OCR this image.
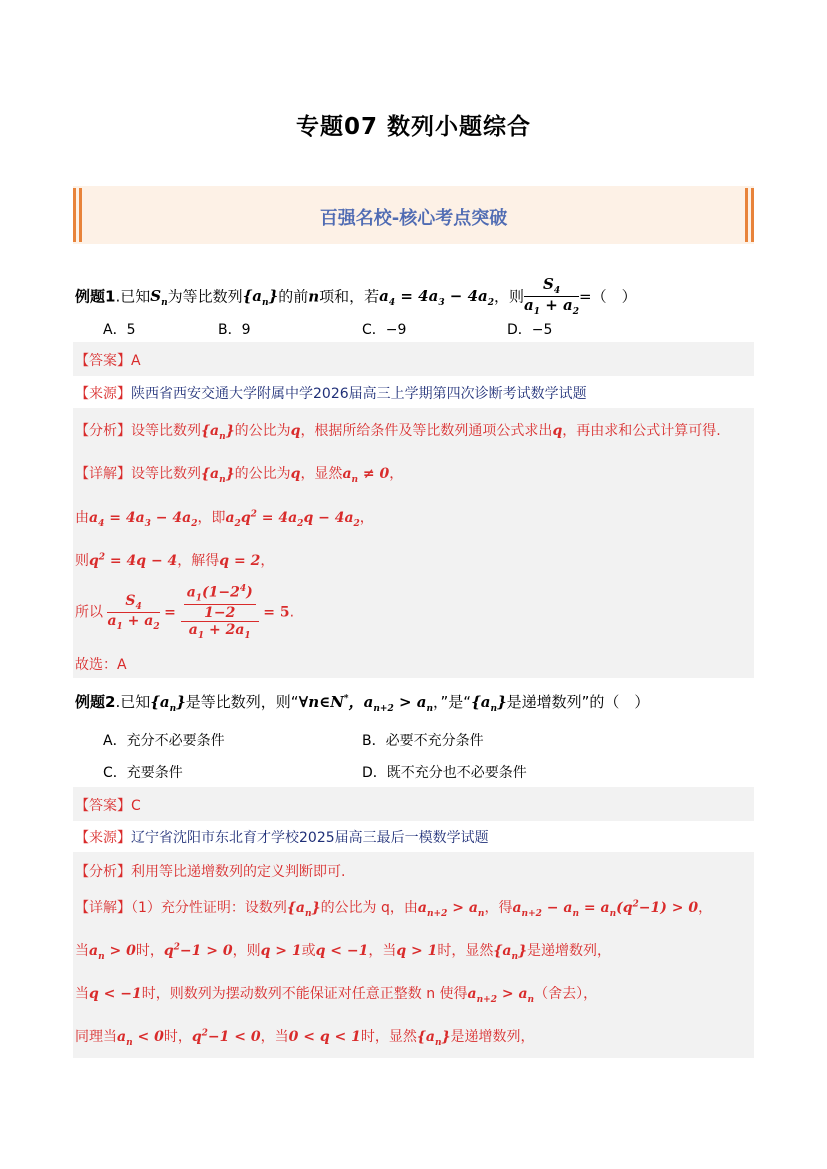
专题07 数列小题综合
百强名校-核心考点突破
例题1.已知$S_n$为等比数列$\{a_n\}$的前n项和，若$a_4 = 4a_3 - 4a_2$，则 $\frac{S_4}{a_1 + a_2}$ =（　）
A．5	B．9	C．−9	D．−5
【答案】A
【来源】陕西省西安交通大学附属中学2026届高三上学期第四次诊断考试数学试题
【分析】设等比数列$\{a_n\}$的公比为q，根据所给条件及等比数列通项公式求出q，再由求和公式计算可得.
【详解】设等比数列$\{a_n\}$的公比为q，显然$a_n \ne 0$，
由$a_4 = 4a_3 - 4a_2$，即$a_2q^2 = 4a_2q - 4a_2$，
则$q^2 = 4q - 4$，解得q = 2，
所以 $\frac{S_4}{a_1 + a_2} = \frac{\frac{a_1(1-2^4)}{1-2}}{a_1 + 2a_1} = 5$.
故选：A
例题2.已知$\{a_n\}$是等比数列，则“∀n∈N*，$a_{n+2} > a_n$，”是“$\{a_n\}$是递增数列”的（　）
A．充分不必要条件	B．必要不充分条件
C．充要条件	D．既不充分也不必要条件
【答案】C
【来源】辽宁省沈阳市东北育才学校2025届高三最后一模数学试题
【分析】利用等比递增数列的定义判断即可.
【详解】（1）充分性证明：设数列$\{a_n\}$的公比为 q，由$a_{n+2} > a_n$，得$a_{n+2} - a_n = a_n(q^2-1) > 0$，
当$a_n > 0$时，$q^2-1 > 0$，则q > 1或q < −1，当q > 1时，显然$\{a_n\}$是递增数列，
当q < −1时，则数列为摆动数列不能保证对任意正整数 n 使得$a_{n+2} > a_n$（舍去），
同理当$a_n < 0$时，$q^2-1 < 0$，当0 < q < 1时，显然$\{a_n\}$是递增数列，
